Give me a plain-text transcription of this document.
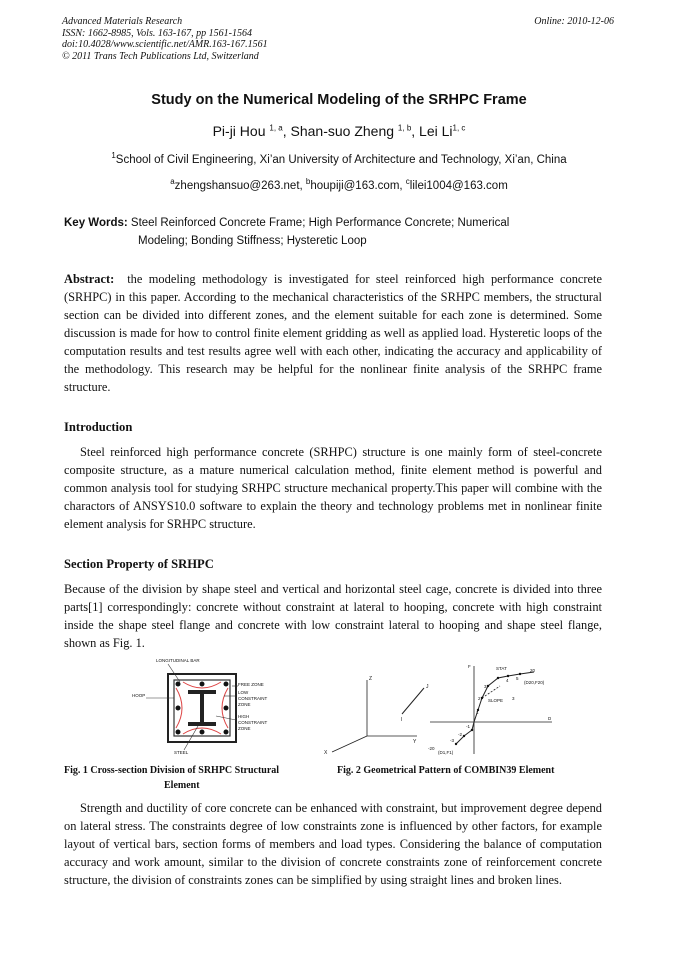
Advanced Materials Research
ISSN: 1662-8985, Vols. 163-167, pp 1561-1564
doi:10.4028/www.scientific.net/AMR.163-167.1561
© 2011 Trans Tech Publications Ltd, Switzerland
Online: 2010-12-06
Study on the Numerical Modeling of the SRHPC Frame
Pi-ji Hou $^{1, a}$, Shan-suo Zheng $^{1, b}$, Lei Li$^{1, c}$
$^1$School of Civil Engineering, Xi’an University of Architecture and Technology, Xi’an, China
$^a$zhengshansuo@263.net, $^b$houpiji@163.com, $^c$lilei1004@163.com
Key Words: Steel Reinforced Concrete Frame; High Performance Concrete; Numerical
Modeling; Bonding Stiffness; Hysteretic Loop
Abstract: the modeling methodology is investigated for steel reinforced high performance concrete (SRHPC) in this paper. According to the mechanical characteristics of the SRHPC members, the structural section can be divided into different zones, and the element suitable for each zone is determined. Some discussion is made for how to control finite element gridding as well as applied load. Hysteretic loops of the computation results and test results agree well with each other, indicating the accuracy and applicability of the methodology. This research may be helpful for the nonlinear finite analysis of the SRHPC frame structure.
Introduction
Steel reinforced high performance concrete (SRHPC) structure is one mainly form of steel-concrete composite structure, as a mature numerical calculation method, finite element method is powerful and common analysis tool for studying SRHPC structure mechanical property.This paper will combine with the charactors of ANSYS10.0 software to explain the theory and technology problems met in nonlinear finite element analysis for SRHPC structure.
Section Property of SRHPC
Because of the division by shape steel and vertical and horizontal steel cage, concrete is divided into three parts[1] correspondingly: concrete without constraint at lateral to hooping, concrete with high constraint inside the shape steel flange and concrete with low constraint lateral to hooping and shape steel flange, shown as Fig. 1.
LONGITUDINAL BAR
FREE ZONE
HOOP
LOW
CONSTRAINT
ZONE
HIGH
CONSTRAINT
ZONE
STEEL
Z
Y
X
I
J
F
D
STAT
SLOPE
(D20,F20)
(D1,F1)
1
2
3
4 5
3
-1
-2
-3
20
-20
Fig. 1 Cross-section Division of SRHPC Structural
Element
Fig. 2 Geometrical Pattern of COMBIN39 Element
Strength and ductility of core concrete can be enhanced with constraint, but improvement degree depend on lateral stress. The constraints degree of low constraints zone is influenced by other factors, for example layout of vertical bars, section forms of members and load types. Considering the balance of computation accuracy and work amount, similar to the division of concrete constraints zone of reinforcement concrete structure, the division of constraints zones can be simplified by using straight lines and broken lines.
